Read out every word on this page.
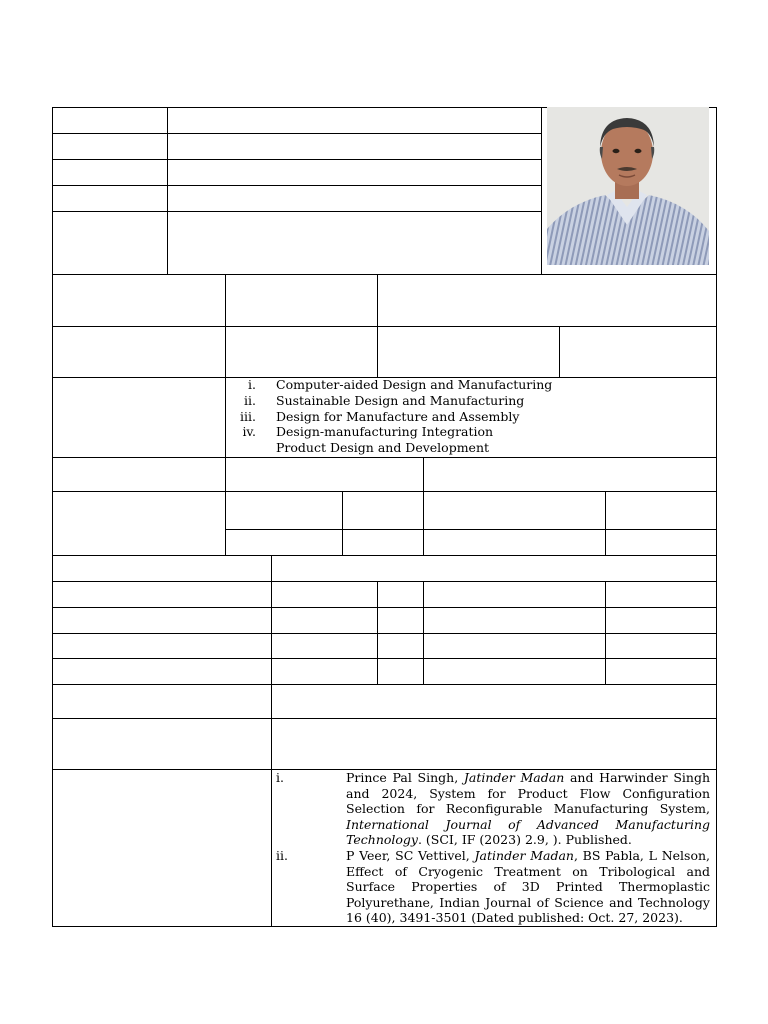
i. Computer-aided Design and Manufacturing
ii. Sustainable Design and Manufacturing
iii. Design for Manufacture and Assembly
iv. Design-manufacturing Integration
Product Design and Development
i.	Prince Pal Singh, Jatinder Madan and Harwinder Singh and 2024, System for Product Flow Configuration Selection for Reconfigurable Manufacturing System, International Journal of Advanced Manufacturing Technology. (SCI, IF (2023) 2.9, ). Published.
ii.	P Veer, SC Vettivel, Jatinder Madan, BS Pabla, L Nelson, Effect of Cryogenic Treatment on Tribological and Surface Properties of 3D Printed Thermoplastic Polyurethane, Indian Journal of Science and Technology 16 (40), 3491-3501 (Dated published: Oct. 27, 2023).
